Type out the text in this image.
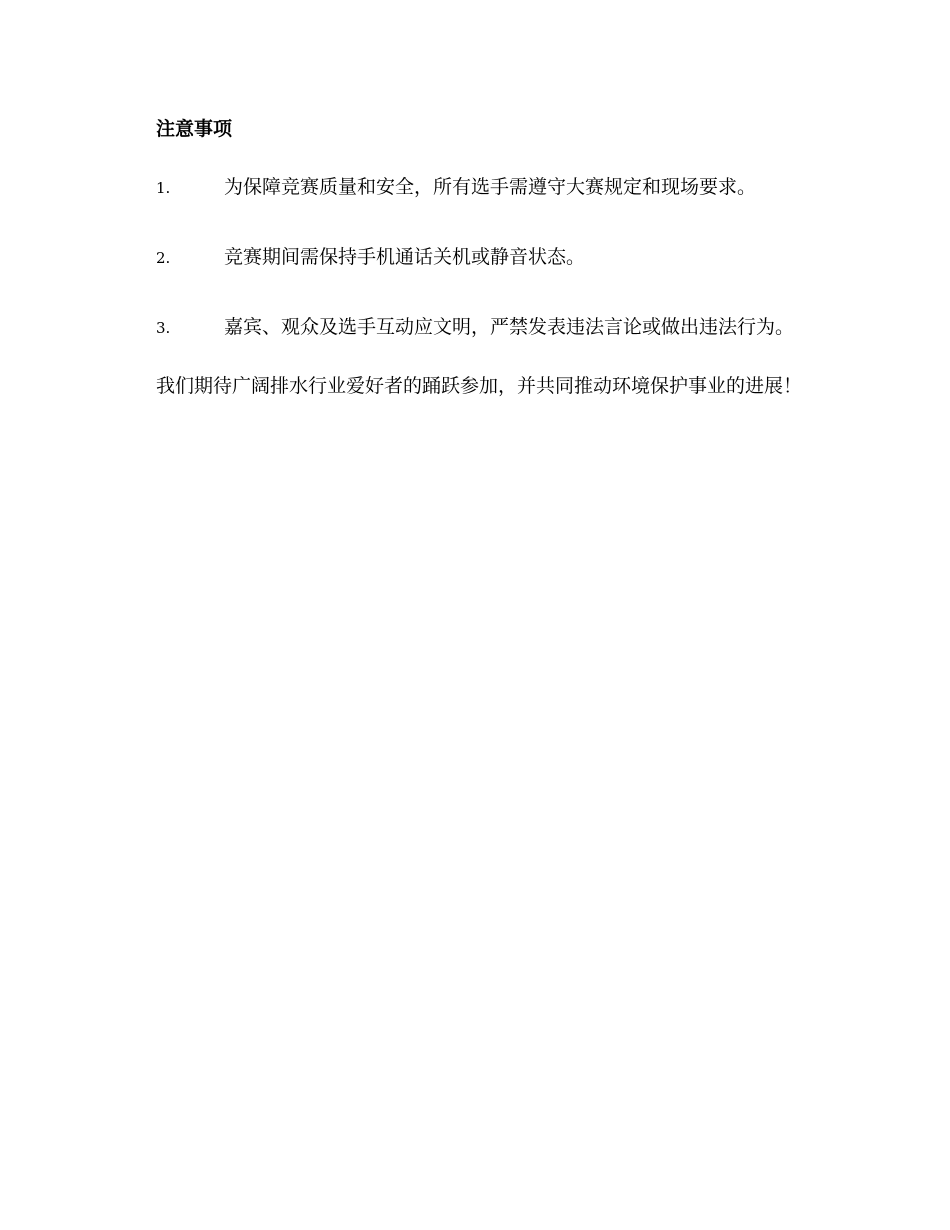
注意事项
1.	为保障竞赛质量和安全，所有选手需遵守大赛规定和现场要求。
2.	竞赛期间需保持手机通话关机或静音状态。
3.	嘉宾、观众及选手互动应文明，严禁发表违法言论或做出违法行为。

我们期待广阔排水行业爱好者的踊跃参加，并共同推动环境保护事业的进展！
